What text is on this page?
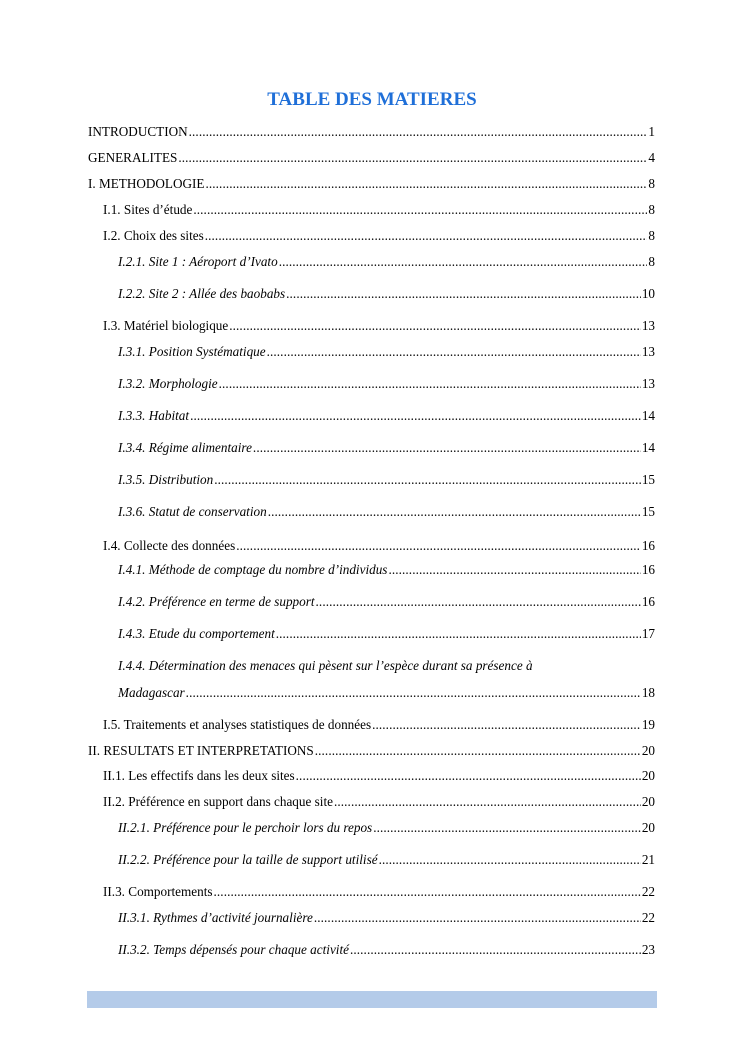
TABLE DES MATIERES
INTRODUCTION . . .	1
GENERALITES . . .	4
I. METHODOLOGIE . . .	8
I.1. Sites d’étude . . .	8
I.2. Choix des sites . . .	8
I.2.1. Site 1 : Aéroport d’Ivato . . .	8
I.2.2. Site 2 : Allée des baobabs . . .	10
I.3. Matériel biologique . . .	13
I.3.1. Position Systématique . . .	13
I.3.2. Morphologie . . .	13
I.3.3. Habitat . . .	14
I.3.4. Régime alimentaire . . .	14
I.3.5. Distribution . . .	15
I.3.6. Statut de conservation . . .	15
I.4. Collecte des données . . .	16
I.4.1. Méthode de comptage du nombre d’individus . . .	16
I.4.2. Préférence en terme de support . . .	16
I.4.3. Etude du comportement . . .	17
I.4.4. Détermination des menaces qui pèsent sur l’espèce durant sa présence à
Madagascar . . .	18
I.5. Traitements et analyses statistiques de données . . .	19
II. RESULTATS ET INTERPRETATIONS . . .	20
II.1. Les effectifs dans les deux sites . . .	20
II.2. Préférence en support dans chaque site . . .	20
II.2.1. Préférence pour le perchoir lors du repos . . .	20
II.2.2. Préférence pour la taille de support utilisé . . .	21
II.3. Comportements . . .	22
II.3.1. Rythmes d’activité journalière . . .	22
II.3.2. Temps dépensés pour chaque activité . . .	23
